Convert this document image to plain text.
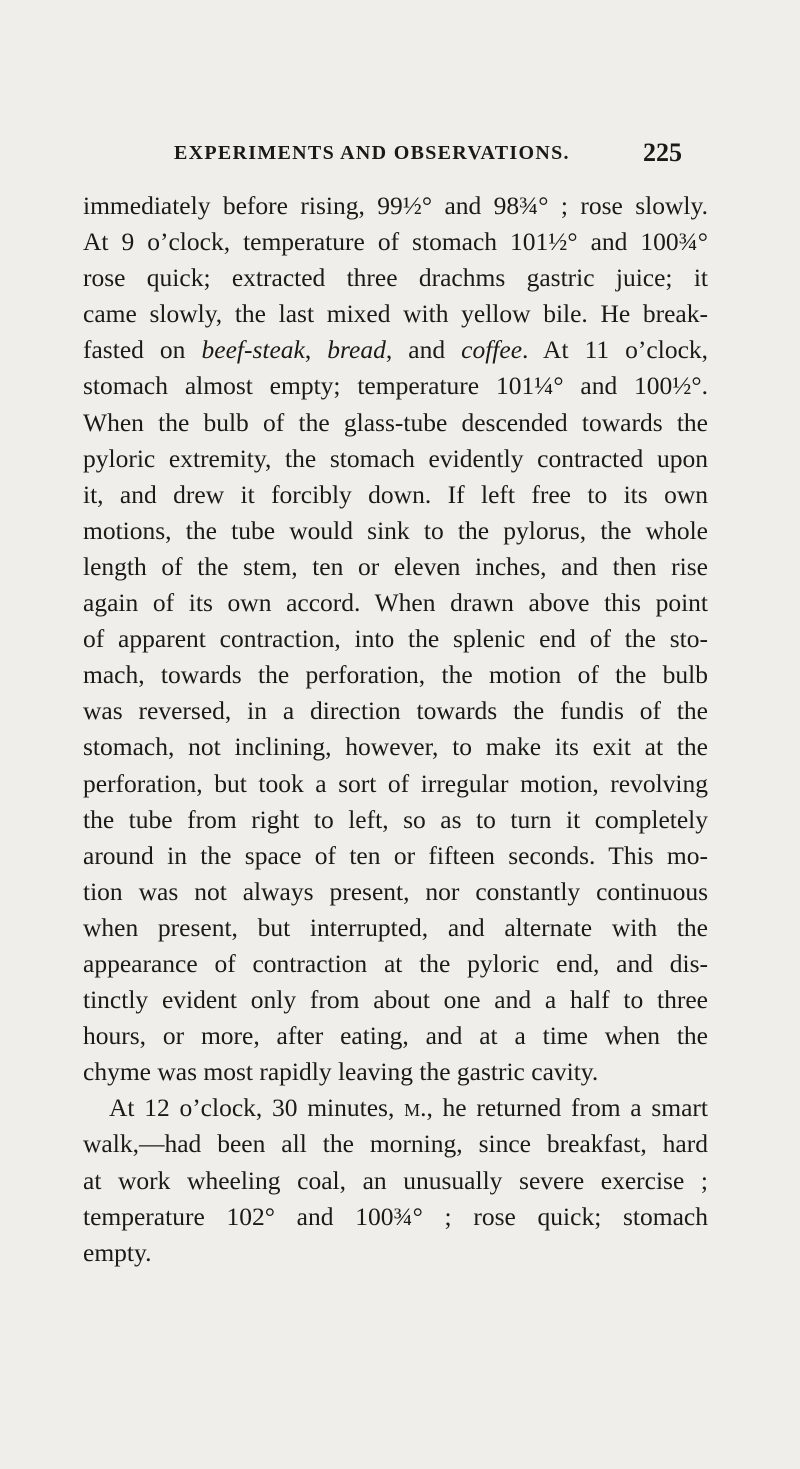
EXPERIMENTS AND OBSERVATIONS.	225
immediately before rising, 99½° and 98¾° ; rose slowly.
At 9 o’clock, temperature of stomach 101½° and 100¾°
rose quick; extracted three drachms gastric juice; it
came slowly, the last mixed with yellow bile. He break-
fasted on beef-steak, bread, and coffee. At 11 o’clock,
stomach almost empty; temperature 101¼° and 100½°.
When the bulb of the glass-tube descended towards the
pyloric extremity, the stomach evidently contracted upon
it, and drew it forcibly down. If left free to its own
motions, the tube would sink to the pylorus, the whole
length of the stem, ten or eleven inches, and then rise
again of its own accord. When drawn above this point
of apparent contraction, into the splenic end of the sto-
mach, towards the perforation, the motion of the bulb
was reversed, in a direction towards the fundis of the
stomach, not inclining, however, to make its exit at the
perforation, but took a sort of irregular motion, revolving
the tube from right to left, so as to turn it completely
around in the space of ten or fifteen seconds. This mo-
tion was not always present, nor constantly continuous
when present, but interrupted, and alternate with the
appearance of contraction at the pyloric end, and dis-
tinctly evident only from about one and a half to three
hours, or more, after eating, and at a time when the
chyme was most rapidly leaving the gastric cavity.
At 12 o’clock, 30 minutes, m., he returned from a smart
walk,—had been all the morning, since breakfast, hard
at work wheeling coal, an unusually severe exercise ;
temperature 102° and 100¾° ; rose quick; stomach
empty.
